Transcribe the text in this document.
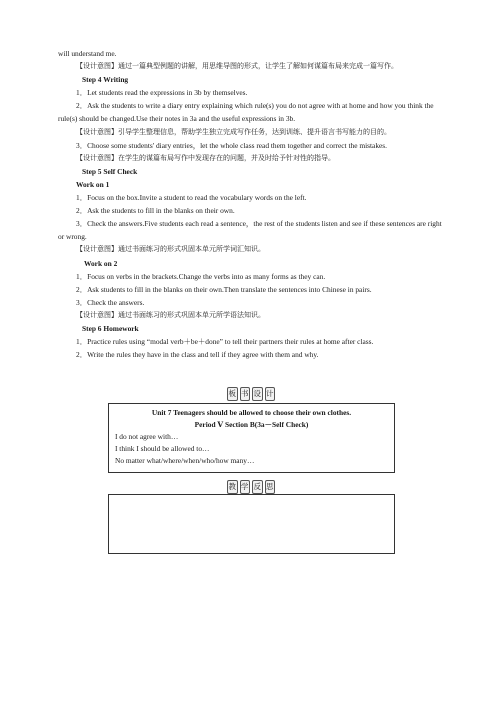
will understand me.

【设计意图】通过一篇典型例题的讲解，用思维导图的形式，让学生了解如何谋篇布局来完成一篇写作。

Step 4 Writing

1．Let students read the expressions in 3b by themselves.

2．Ask the students to write a diary entry explaining which rule(s) you do not agree with at home and how you think the rule(s) should be changed.Use their notes in 3a and the useful expressions in 3b.

【设计意图】引导学生整理信息，帮助学生独立完成写作任务，达到训练、提升语言书写能力的目的。

3．Choose some students' diary entries，let the whole class read them together and correct the mistakes.

【设计意图】在学生的谋篇布局写作中发现存在的问题，并及时给予针对性的指导。

Step 5 Self Check

Work on 1

1．Focus on the box.Invite a student to read the vocabulary words on the left.

2．Ask the students to fill in the blanks on their own.

3．Check the answers.Five students each read a sentence，the rest of the students listen and see if these sentences are right or wrong.

【设计意图】通过书面练习的形式巩固本单元所学词汇知识。

Work on 2

1．Focus on verbs in the brackets.Change the verbs into as many forms as they can.

2．Ask students to fill in the blanks on their own.Then translate the sentences into Chinese in pairs.

3．Check the answers.

【设计意图】通过书面练习的形式巩固本单元所学语法知识。

Step 6 Homework

1．Practice rules using “modal verb＋be＋done” to tell their partners their rules at home after class.

2．Write the rules they have in the class and tell if they agree with them and why.

板 书 设 计
Unit 7 Teenagers should be allowed to choose their own clothes.
Period Ⅴ Section B(3a－Self Check)
I do not agree with…
I think I should be allowed to…
No matter what/where/when/who/how many…
教 学 反 思
